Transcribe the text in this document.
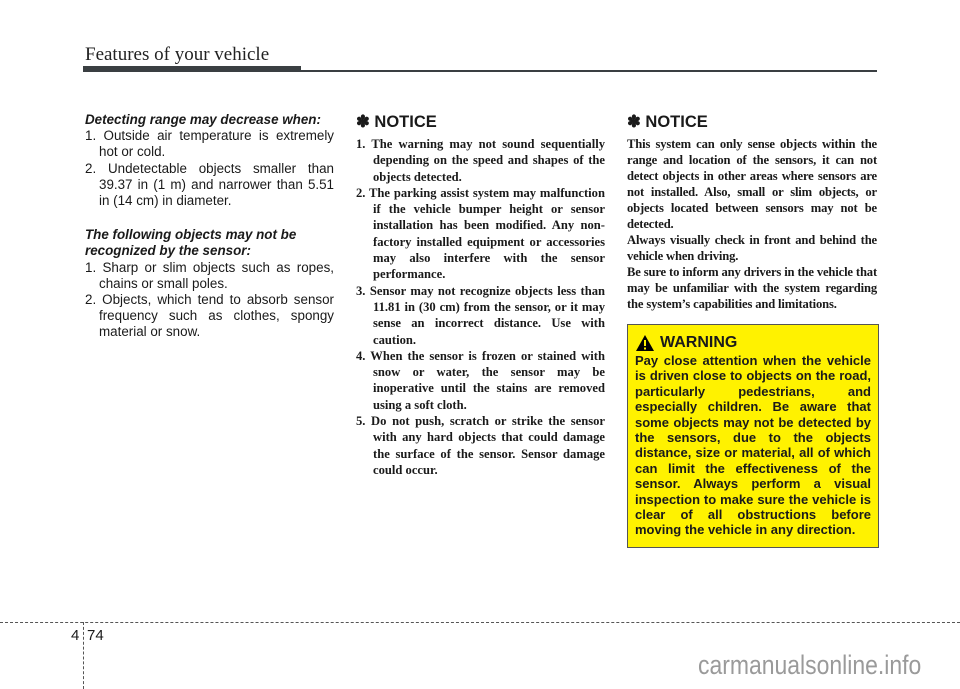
Features of your vehicle

Detecting range may decrease when:

1. Outside air temperature is extremely hot or cold.
2. Undetectable objects smaller than 39.37 in (1 m) and narrower than 5.51 in (14 cm) in diameter.

The following objects may not be recognized by the sensor:

1. Sharp or slim objects such as ropes, chains or small poles.
2. Objects, which tend to absorb sensor frequency such as clothes, spongy material or snow.

✽ NOTICE

1. The warning may not sound sequentially depending on the speed and shapes of the objects detected.
2. The parking assist system may malfunction if the vehicle bumper height or sensor installation has been modified. Any non-factory installed equipment or accessories may also interfere with the sensor performance.
3. Sensor may not recognize objects less than 11.81 in (30 cm) from the sensor, or it may sense an incorrect distance. Use with caution.
4. When the sensor is frozen or stained with snow or water, the sensor may be inoperative until the stains are removed using a soft cloth.
5. Do not push, scratch or strike the sensor with any hard objects that could damage the surface of the sensor. Sensor damage could occur.

✽ NOTICE

This system can only sense objects within the range and location of the sensors, it can not detect objects in other areas where sensors are not installed. Also, small or slim objects, or objects located between sensors may not be detected.

Always visually check in front and behind the vehicle when driving.

Be sure to inform any drivers in the vehicle that may be unfamiliar with the system regarding the system’s capabilities and limitations.

WARNING

Pay close attention when the vehicle is driven close to objects on the road, particularly pedestrians, and especially children. Be aware that some objects may not be detected by the sensors, due to the objects distance, size or material, all of which can limit the effectiveness of the sensor. Always perform a visual inspection to make sure the vehicle is clear of all obstructions before moving the vehicle in any direction.

4 74
carmanualsonline.info
